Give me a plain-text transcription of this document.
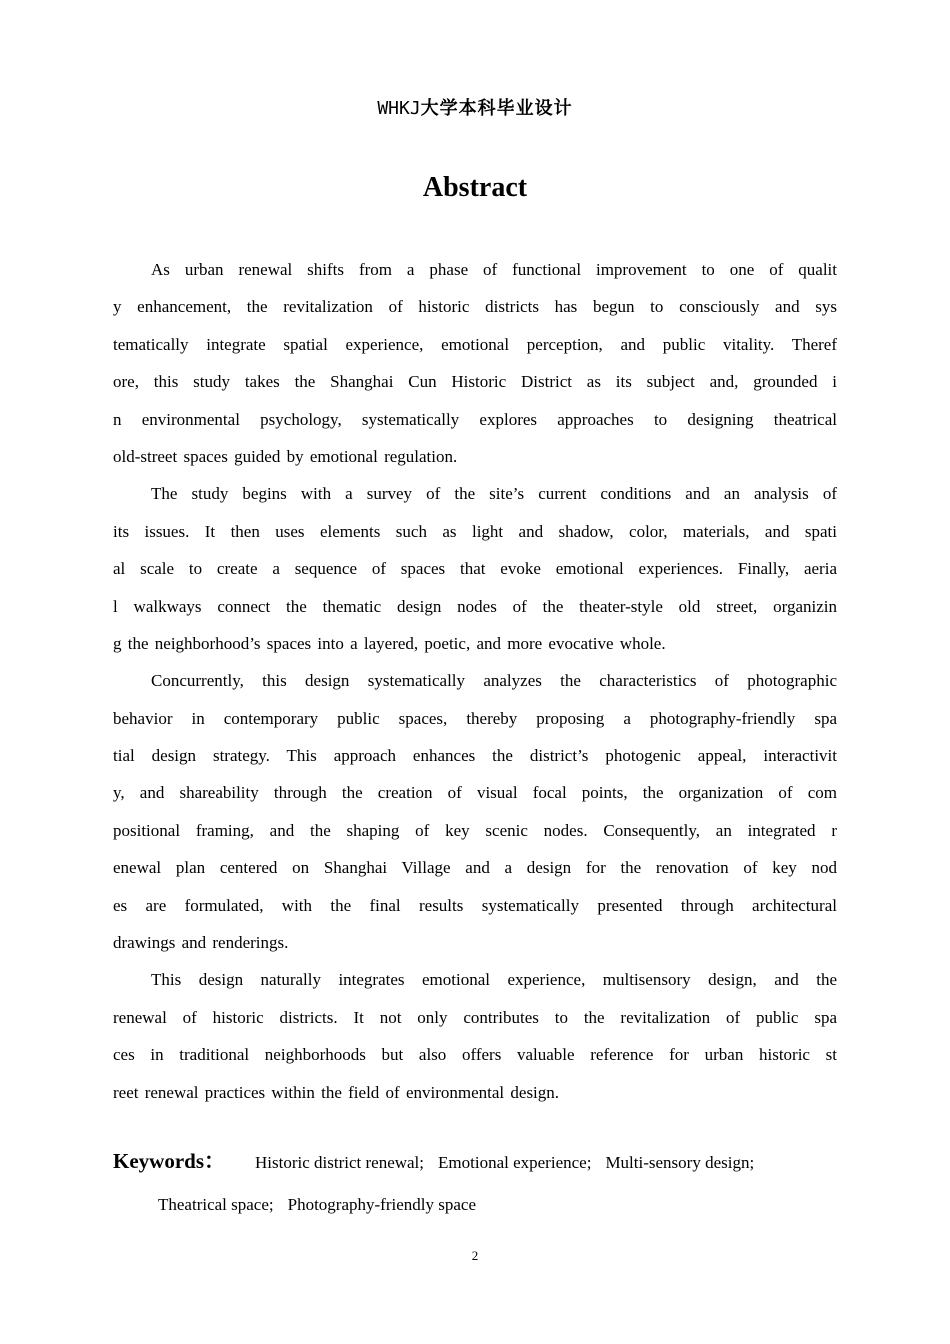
WHKJ大学本科毕业设计
Abstract
As urban renewal shifts from a phase of functional improvement to one of qualit
y enhancement, the revitalization of historic districts has begun to consciously and sys
tematically integrate spatial experience, emotional perception, and public vitality. Theref
ore, this study takes the Shanghai Cun Historic District as its subject and, grounded i
n environmental psychology, systematically explores approaches to designing theatrical
old-street spaces guided by emotional regulation.
The study begins with a survey of the site’s current conditions and an analysis of
its issues. It then uses elements such as light and shadow, color, materials, and spati
al scale to create a sequence of spaces that evoke emotional experiences. Finally, aeria
l walkways connect the thematic design nodes of the theater-style old street, organizin
g the neighborhood’s spaces into a layered, poetic, and more evocative whole.
Concurrently, this design systematically analyzes the characteristics of photographic
behavior in contemporary public spaces, thereby proposing a photography-friendly spa
tial design strategy. This approach enhances the district’s photogenic appeal, interactivit
y, and shareability through the creation of visual focal points, the organization of com
positional framing, and the shaping of key scenic nodes. Consequently, an integrated r
enewal plan centered on Shanghai Village and a design for the renovation of key nod
es are formulated, with the final results systematically presented through architectural
drawings and renderings.
This design naturally integrates emotional experience, multisensory design, and the
renewal of historic districts. It not only contributes to the revitalization of public spa
ces in traditional neighborhoods but also offers valuable reference for urban historic st
reet renewal practices within the field of environmental design.
Keywords： Historic district renewal; Emotional experience; Multi-sensory design;
Theatrical space; Photography-friendly space
2
